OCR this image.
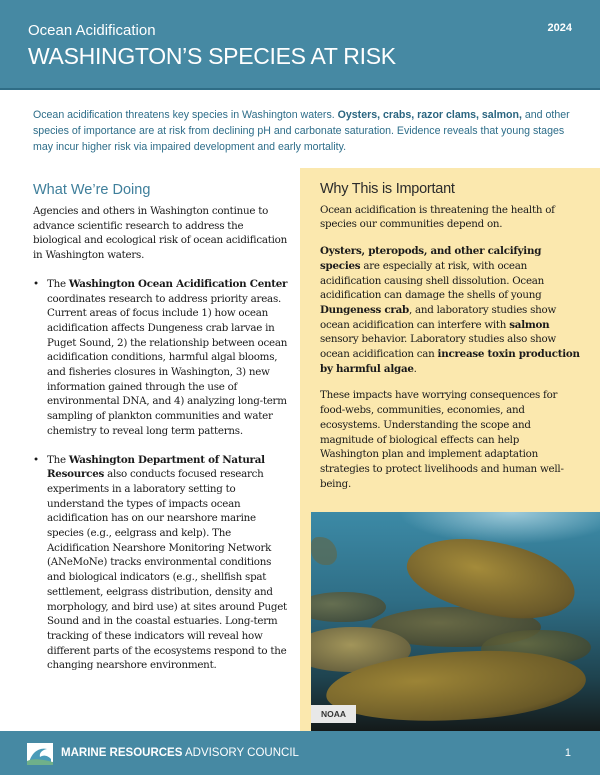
Ocean Acidification
WASHINGTON’S SPECIES AT RISK
2024
Ocean acidification threatens key species in Washington waters. Oysters, crabs, razor clams, salmon, and other species of importance are at risk from declining pH and carbonate saturation. Evidence reveals that young stages may incur higher risk via impaired development and early mortality.
What We’re Doing
Agencies and others in Washington continue to advance scientific research to address the biological and ecological risk of ocean acidification in Washington waters.
• The Washington Ocean Acidification Center coordinates research to address priority areas. Current areas of focus include 1) how ocean acidification affects Dungeness crab larvae in Puget Sound, 2) the relationship between ocean acidification conditions, harmful algal blooms, and fisheries closures in Washington, 3) new information gained through the use of environmental DNA, and 4) analyzing long-term sampling of plankton communities and water chemistry to reveal long term patterns.
• The Washington Department of Natural Resources also conducts focused research experiments in a laboratory setting to understand the types of impacts ocean acidification has on our nearshore marine species (e.g., eelgrass and kelp). The Acidification Nearshore Monitoring Network (ANeMoNe) tracks environmental conditions and biological indicators (e.g., shellfish spat settlement, eelgrass distribution, density and morphology, and bird use) at sites around Puget Sound and in the coastal estuaries. Long-term tracking of these indicators will reveal how different parts of the ecosystems respond to the changing nearshore environment.
Why This is Important

Ocean acidification is threatening the health of species our communities depend on.

Oysters, pteropods, and other calcifying species are especially at risk, with ocean acidification causing shell dissolution. Ocean acidification can damage the shells of young Dungeness crab, and laboratory studies show ocean acidification can interfere with salmon sensory behavior. Laboratory studies also show ocean acidification can increase toxin production by harmful algae.

These impacts have worrying consequences for food-webs, communities, economies, and ecosystems. Understanding the scope and magnitude of biological effects can help Washington plan and implement adaptation strategies to protect livelihoods and human well-being.

NOAA
MARINE RESOURCES ADVISORY COUNCIL	1
